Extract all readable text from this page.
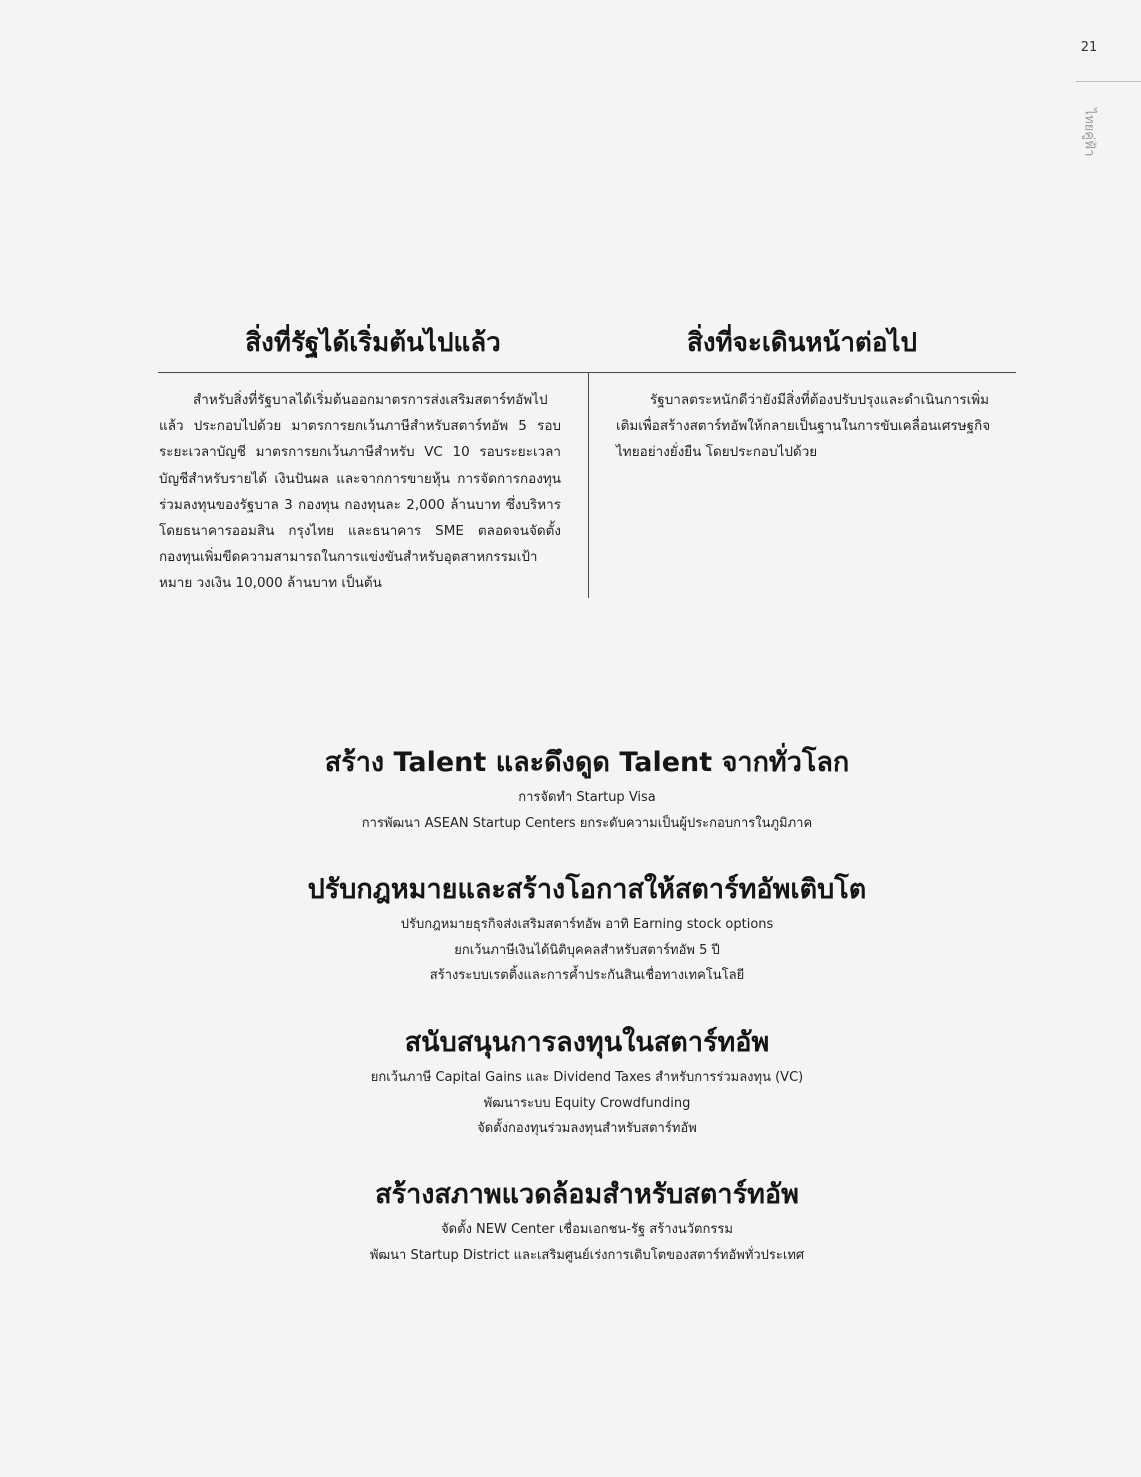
21
ไทยคู่ฟ้า
สิ่งที่รัฐได้เริ่มต้นไปแล้ว	สิ่งที่จะเดินหน้าต่อไป

สำหรับสิ่งที่รัฐบาลได้เริ่มต้นออกมาตรการส่งเสริมสตาร์ทอัพไปแล้ว ประกอบไปด้วย มาตรการยกเว้นภาษีสำหรับสตาร์ทอัพ 5 รอบระยะเวลาบัญชี มาตรการยกเว้นภาษีสำหรับ VC 10 รอบระยะเวลาบัญชีสำหรับรายได้ เงินปันผล และจากการขายหุ้น การจัดการกองทุนร่วมลงทุนของรัฐบาล 3 กองทุน กองทุนละ 2,000 ล้านบาท ซึ่งบริหารโดยธนาคารออมสิน กรุงไทย และธนาคาร SME ตลอดจนจัดตั้งกองทุนเพิ่มขีดความสามารถในการแข่งขันสำหรับอุตสาหกรรมเป้าหมาย วงเงิน 10,000 ล้านบาท เป็นต้น

รัฐบาลตระหนักดีว่ายังมีสิ่งที่ต้องปรับปรุงและดำเนินการเพิ่มเติมเพื่อสร้างสตาร์ทอัพให้กลายเป็นฐานในการขับเคลื่อนเศรษฐกิจไทยอย่างยั่งยืน โดยประกอบไปด้วย

สร้าง Talent และดึงดูด Talent จากทั่วโลก
การจัดทำ Startup Visa
การพัฒนา ASEAN Startup Centers ยกระดับความเป็นผู้ประกอบการในภูมิภาค
ปรับกฎหมายและสร้างโอกาสให้สตาร์ทอัพเติบโต
ปรับกฎหมายธุรกิจส่งเสริมสตาร์ทอัพ อาทิ Earning stock options
ยกเว้นภาษีเงินได้นิติบุคคลสำหรับสตาร์ทอัพ 5 ปี
สร้างระบบเรตติ้งและการค้ำประกันสินเชื่อทางเทคโนโลยี
สนับสนุนการลงทุนในสตาร์ทอัพ
ยกเว้นภาษี Capital Gains และ Dividend Taxes สำหรับการร่วมลงทุน (VC)
พัฒนาระบบ Equity Crowdfunding
จัดตั้งกองทุนร่วมลงทุนสำหรับสตาร์ทอัพ
สร้างสภาพแวดล้อมสำหรับสตาร์ทอัพ
จัดตั้ง NEW Center เชื่อมเอกชน-รัฐ สร้างนวัตกรรม
พัฒนา Startup District และเสริมศูนย์เร่งการเติบโตของสตาร์ทอัพทั่วประเทศ
